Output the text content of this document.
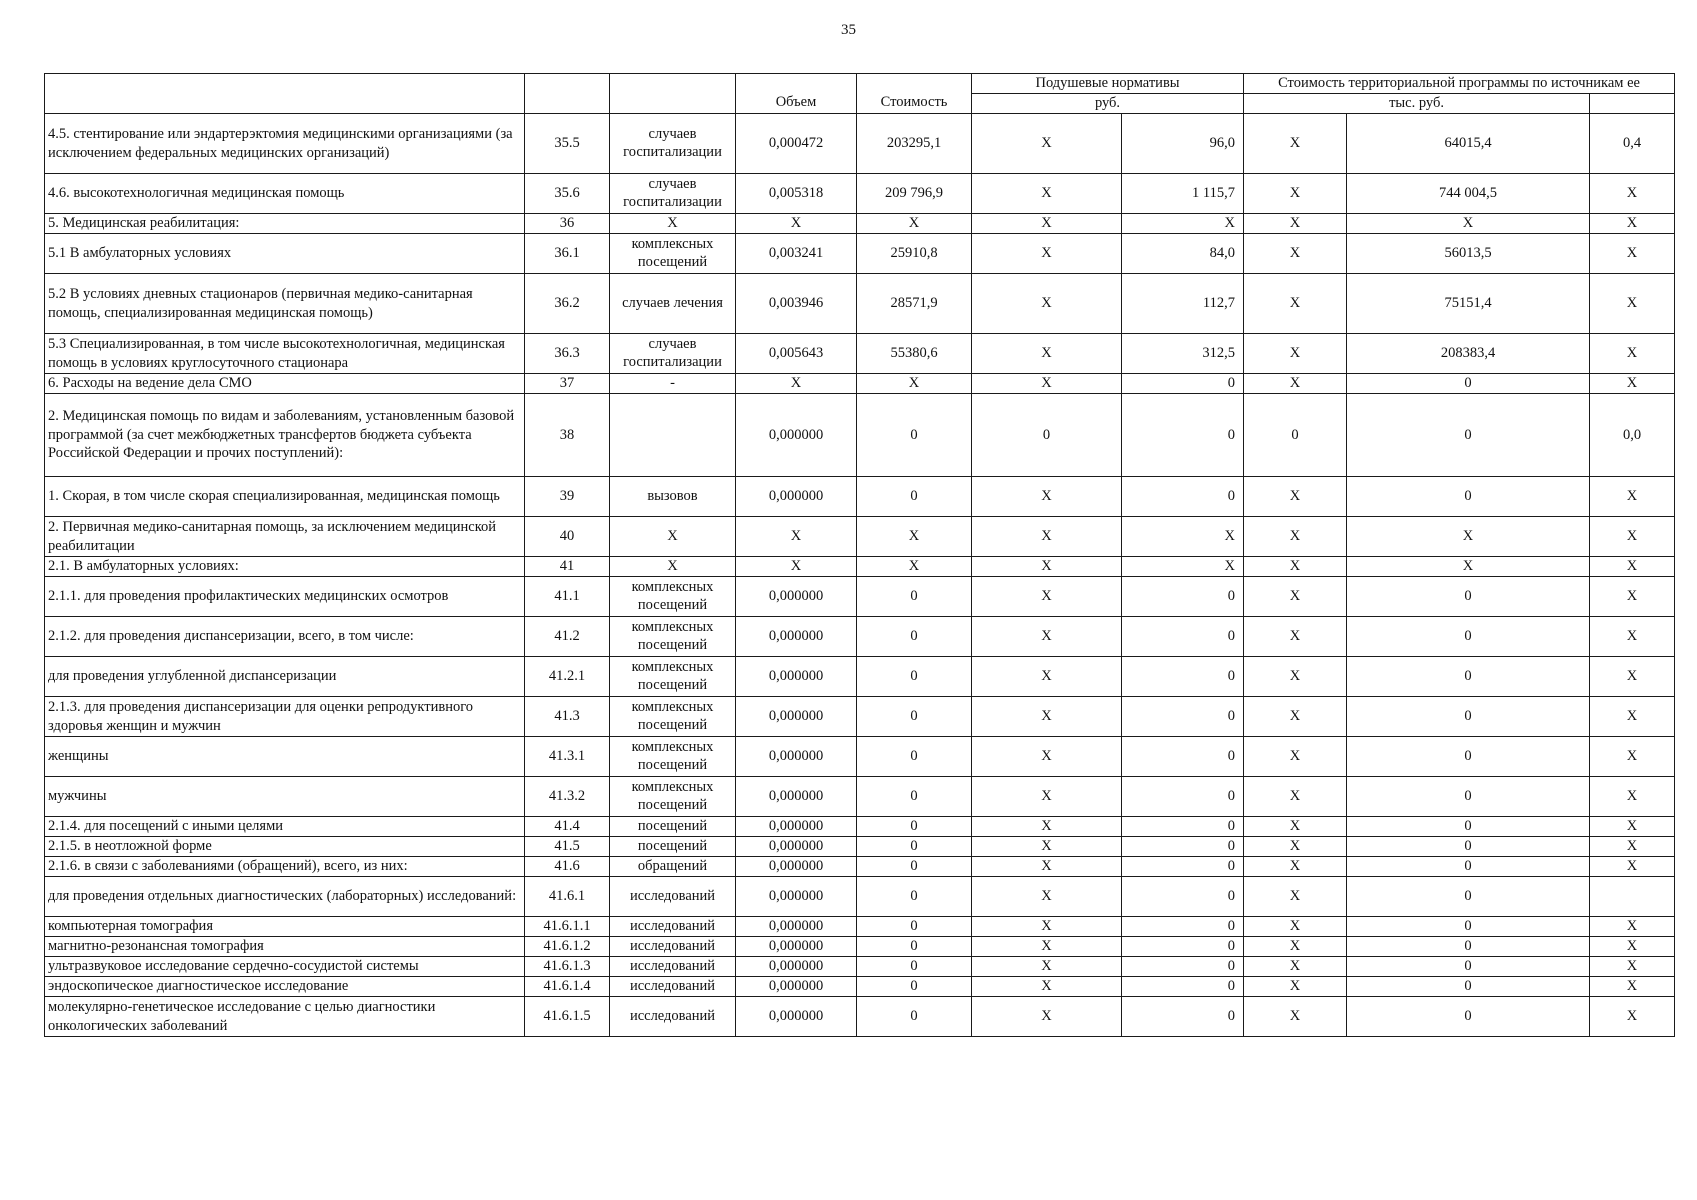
35
			Объем	Стоимость	Подушевые нормативы		Стоимость территориальной программы по источникам ее		
					руб.		тыс. руб.		
4.5. стентирование или эндартерэктомия медицинскими организациями (за исключением федеральных медицинских организаций)	35.5	случаев госпитализации	0,000472	203295,1	X	96,0	X	64015,4	0,4
4.6. высокотехнологичная медицинская помощь	35.6	случаев госпитализации	0,005318	209 796,9	X	1 115,7	X	744 004,5	X
5. Медицинская реабилитация:	36	X	X	X	X	X	X	X	X
5.1 В амбулаторных условиях	36.1	комплексных посещений	0,003241	25910,8	X	84,0	X	56013,5	X
5.2 В условиях дневных стационаров (первичная медико-санитарная помощь, специализированная медицинская помощь)	36.2	случаев лечения	0,003946	28571,9	X	112,7	X	75151,4	X
5.3 Специализированная, в том числе высокотехнологичная, медицинская помощь в условиях круглосуточного стационара	36.3	случаев госпитализации	0,005643	55380,6	X	312,5	X	208383,4	X
6. Расходы на ведение дела СМО	37	-	X	X	X	0	X	0	X
2. Медицинская помощь по видам и заболеваниям, установленным базовой программой (за счет межбюджетных трансфертов бюджета субъекта Российской Федерации и прочих поступлений):	38		0,000000	0	0	0	0	0	0,0
1. Скорая, в том числе скорая специализированная, медицинская помощь	39	вызовов	0,000000	0	X	0	X	0	X
2. Первичная медико-санитарная помощь, за исключением медицинской реабилитации	40	X	X	X	X	X	X	X	X
2.1. В амбулаторных условиях:	41	X	X	X	X	X	X	X	X
2.1.1. для проведения профилактических медицинских осмотров	41.1	комплексных посещений	0,000000	0	X	0	X	0	X
2.1.2. для проведения диспансеризации, всего, в том числе:	41.2	комплексных посещений	0,000000	0	X	0	X	0	X
для проведения углубленной диспансеризации	41.2.1	комплексных посещений	0,000000	0	X	0	X	0	X
2.1.3. для проведения диспансеризации для оценки репродуктивного здоровья женщин и мужчин	41.3	комплексных посещений	0,000000	0	X	0	X	0	X
женщины	41.3.1	комплексных посещений	0,000000	0	X	0	X	0	X
мужчины	41.3.2	комплексных посещений	0,000000	0	X	0	X	0	X
2.1.4. для посещений с иными целями	41.4	посещений	0,000000	0	X	0	X	0	X
2.1.5. в неотложной форме	41.5	посещений	0,000000	0	X	0	X	0	X
2.1.6. в связи с заболеваниями (обращений), всего, из них:	41.6	обращений	0,000000	0	X	0	X	0	X
для проведения отдельных диагностических (лабораторных) исследований:	41.6.1	исследований	0,000000	0	X	0	X	0	
компьютерная томография	41.6.1.1	исследований	0,000000	0	X	0	X	0	X
магнитно-резонансная томография	41.6.1.2	исследований	0,000000	0	X	0	X	0	X
ультразвуковое исследование сердечно-сосудистой системы	41.6.1.3	исследований	0,000000	0	X	0	X	0	X
эндоскопическое диагностическое исследование	41.6.1.4	исследований	0,000000	0	X	0	X	0	X
молекулярно-генетическое исследование с целью диагностики онкологических заболеваний	41.6.1.5	исследований	0,000000	0	X	0	X	0	X
